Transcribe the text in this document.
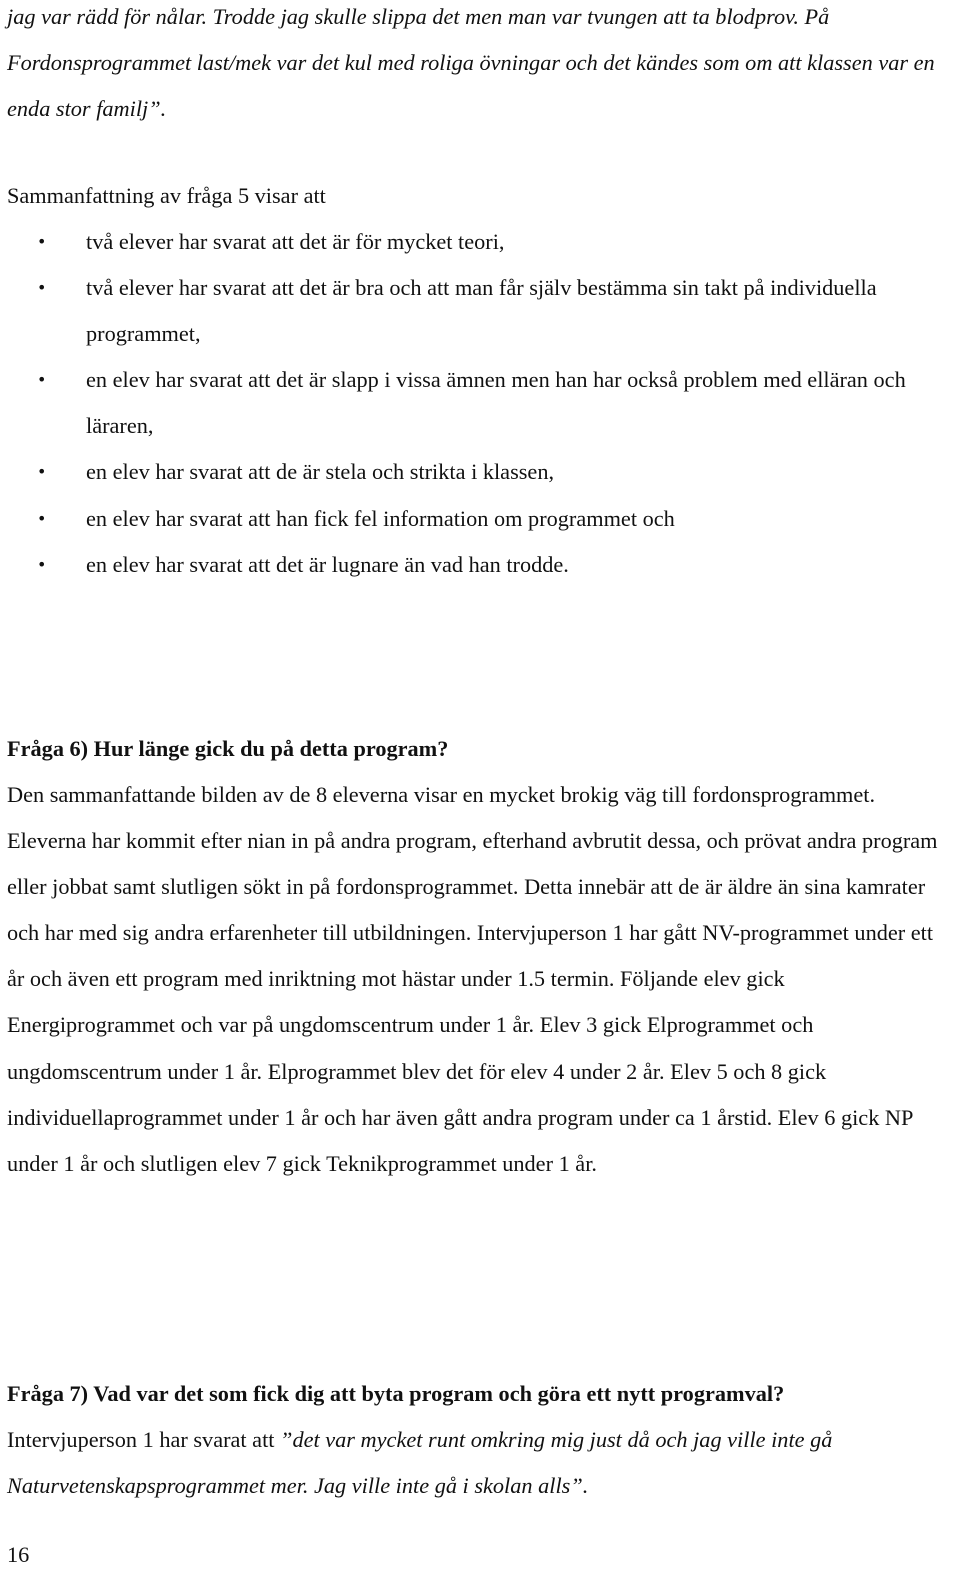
jag var rädd för nålar. Trodde jag skulle slippa det men man var tvungen att ta blodprov. På Fordonsprogrammet last/mek var det kul med roliga övningar och det kändes som om att klassen var en enda stor familj”.

Sammanfattning av fråga 5 visar att

• två elever har svarat att det är för mycket teori,
• två elever har svarat att det är bra och att man får själv bestämma sin takt på individuella programmet,
• en elev har svarat att det är slapp i vissa ämnen men han har också problem med elläran och läraren,
• en elev har svarat att de är stela och strikta i klassen,
• en elev har svarat att han fick fel information om programmet och
• en elev har svarat att det är lugnare än vad han trodde.
Fråga 6) Hur länge gick du på detta program?

Den sammanfattande bilden av de 8 eleverna visar en mycket brokig väg till fordonsprogrammet. Eleverna har kommit efter nian in på andra program, efterhand avbrutit dessa, och prövat andra program eller jobbat samt slutligen sökt in på fordonsprogrammet. Detta innebär att de är äldre än sina kamrater och har med sig andra erfarenheter till utbildningen. Intervjuperson 1 har gått NV-programmet under ett år och även ett program med inriktning mot hästar under 1.5 termin. Följande elev gick Energiprogrammet och var på ungdomscentrum under 1 år. Elev 3 gick Elprogrammet och ungdomscentrum under 1 år. Elprogrammet blev det för elev 4 under 2 år. Elev 5 och 8 gick individuellaprogrammet under 1 år och har även gått andra program under ca 1 årstid. Elev 6 gick NP under 1 år och slutligen elev 7 gick Teknikprogrammet under 1 år.

Fråga 7) Vad var det som fick dig att byta program och göra ett nytt programval?

Intervjuperson 1 har svarat att ”det var mycket runt omkring mig just då och jag ville inte gå Naturvetenskapsprogrammet mer. Jag ville inte gå i skolan alls”.

16
